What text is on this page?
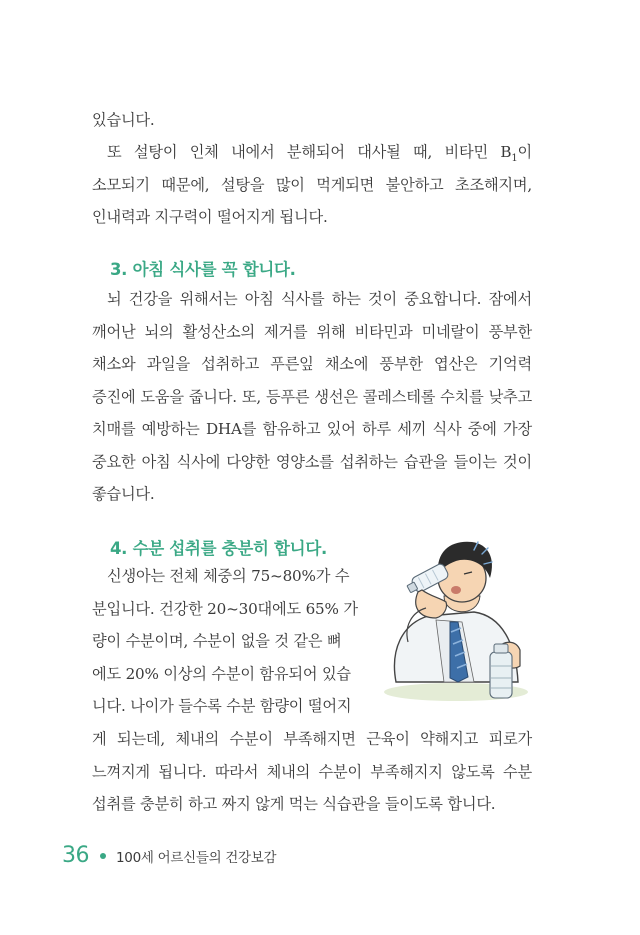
있습니다.

또 설탕이 인체 내에서 분해되어 대사될 때, 비타민 $B_1$이 소모되기 때문에, 설탕을 많이 먹게되면 불안하고 초조해지며, 인내력과 지구력이 떨어지게 됩니다.

3. 아침 식사를 꼭 합니다.

뇌 건강을 위해서는 아침 식사를 하는 것이 중요합니다. 잠에서 깨어난 뇌의 활성산소의 제거를 위해 비타민과 미네랄이 풍부한 채소와 과일을 섭취하고 푸른잎 채소에 풍부한 엽산은 기억력 증진에 도움을 줍니다. 또, 등푸른 생선은 콜레스테롤 수치를 낮추고 치매를 예방하는 DHA를 함유하고 있어 하루 세끼 식사 중에 가장 중요한 아침 식사에 다양한 영양소를 섭취하는 습관을 들이는 것이 좋습니다.

4. 수분 섭취를 충분히 합니다.

신생아는 전체 체중의 75~80%가 수
분입니다. 건강한 20~30대에도 65% 가
량이 수분이며, 수분이 없을 것 같은 뼈
에도 20% 이상의 수분이 함유되어 있습
니다. 나이가 들수록 수분 함량이 떨어지

게 되는데, 체내의 수분이 부족해지면 근육이 약해지고 피로가 느껴지게 됩니다. 따라서 체내의 수분이 부족해지지 않도록 수분 섭취를 충분히 하고 짜지 않게 먹는 식습관을 들이도록 합니다.

36 100세 어르신들의 건강보감
